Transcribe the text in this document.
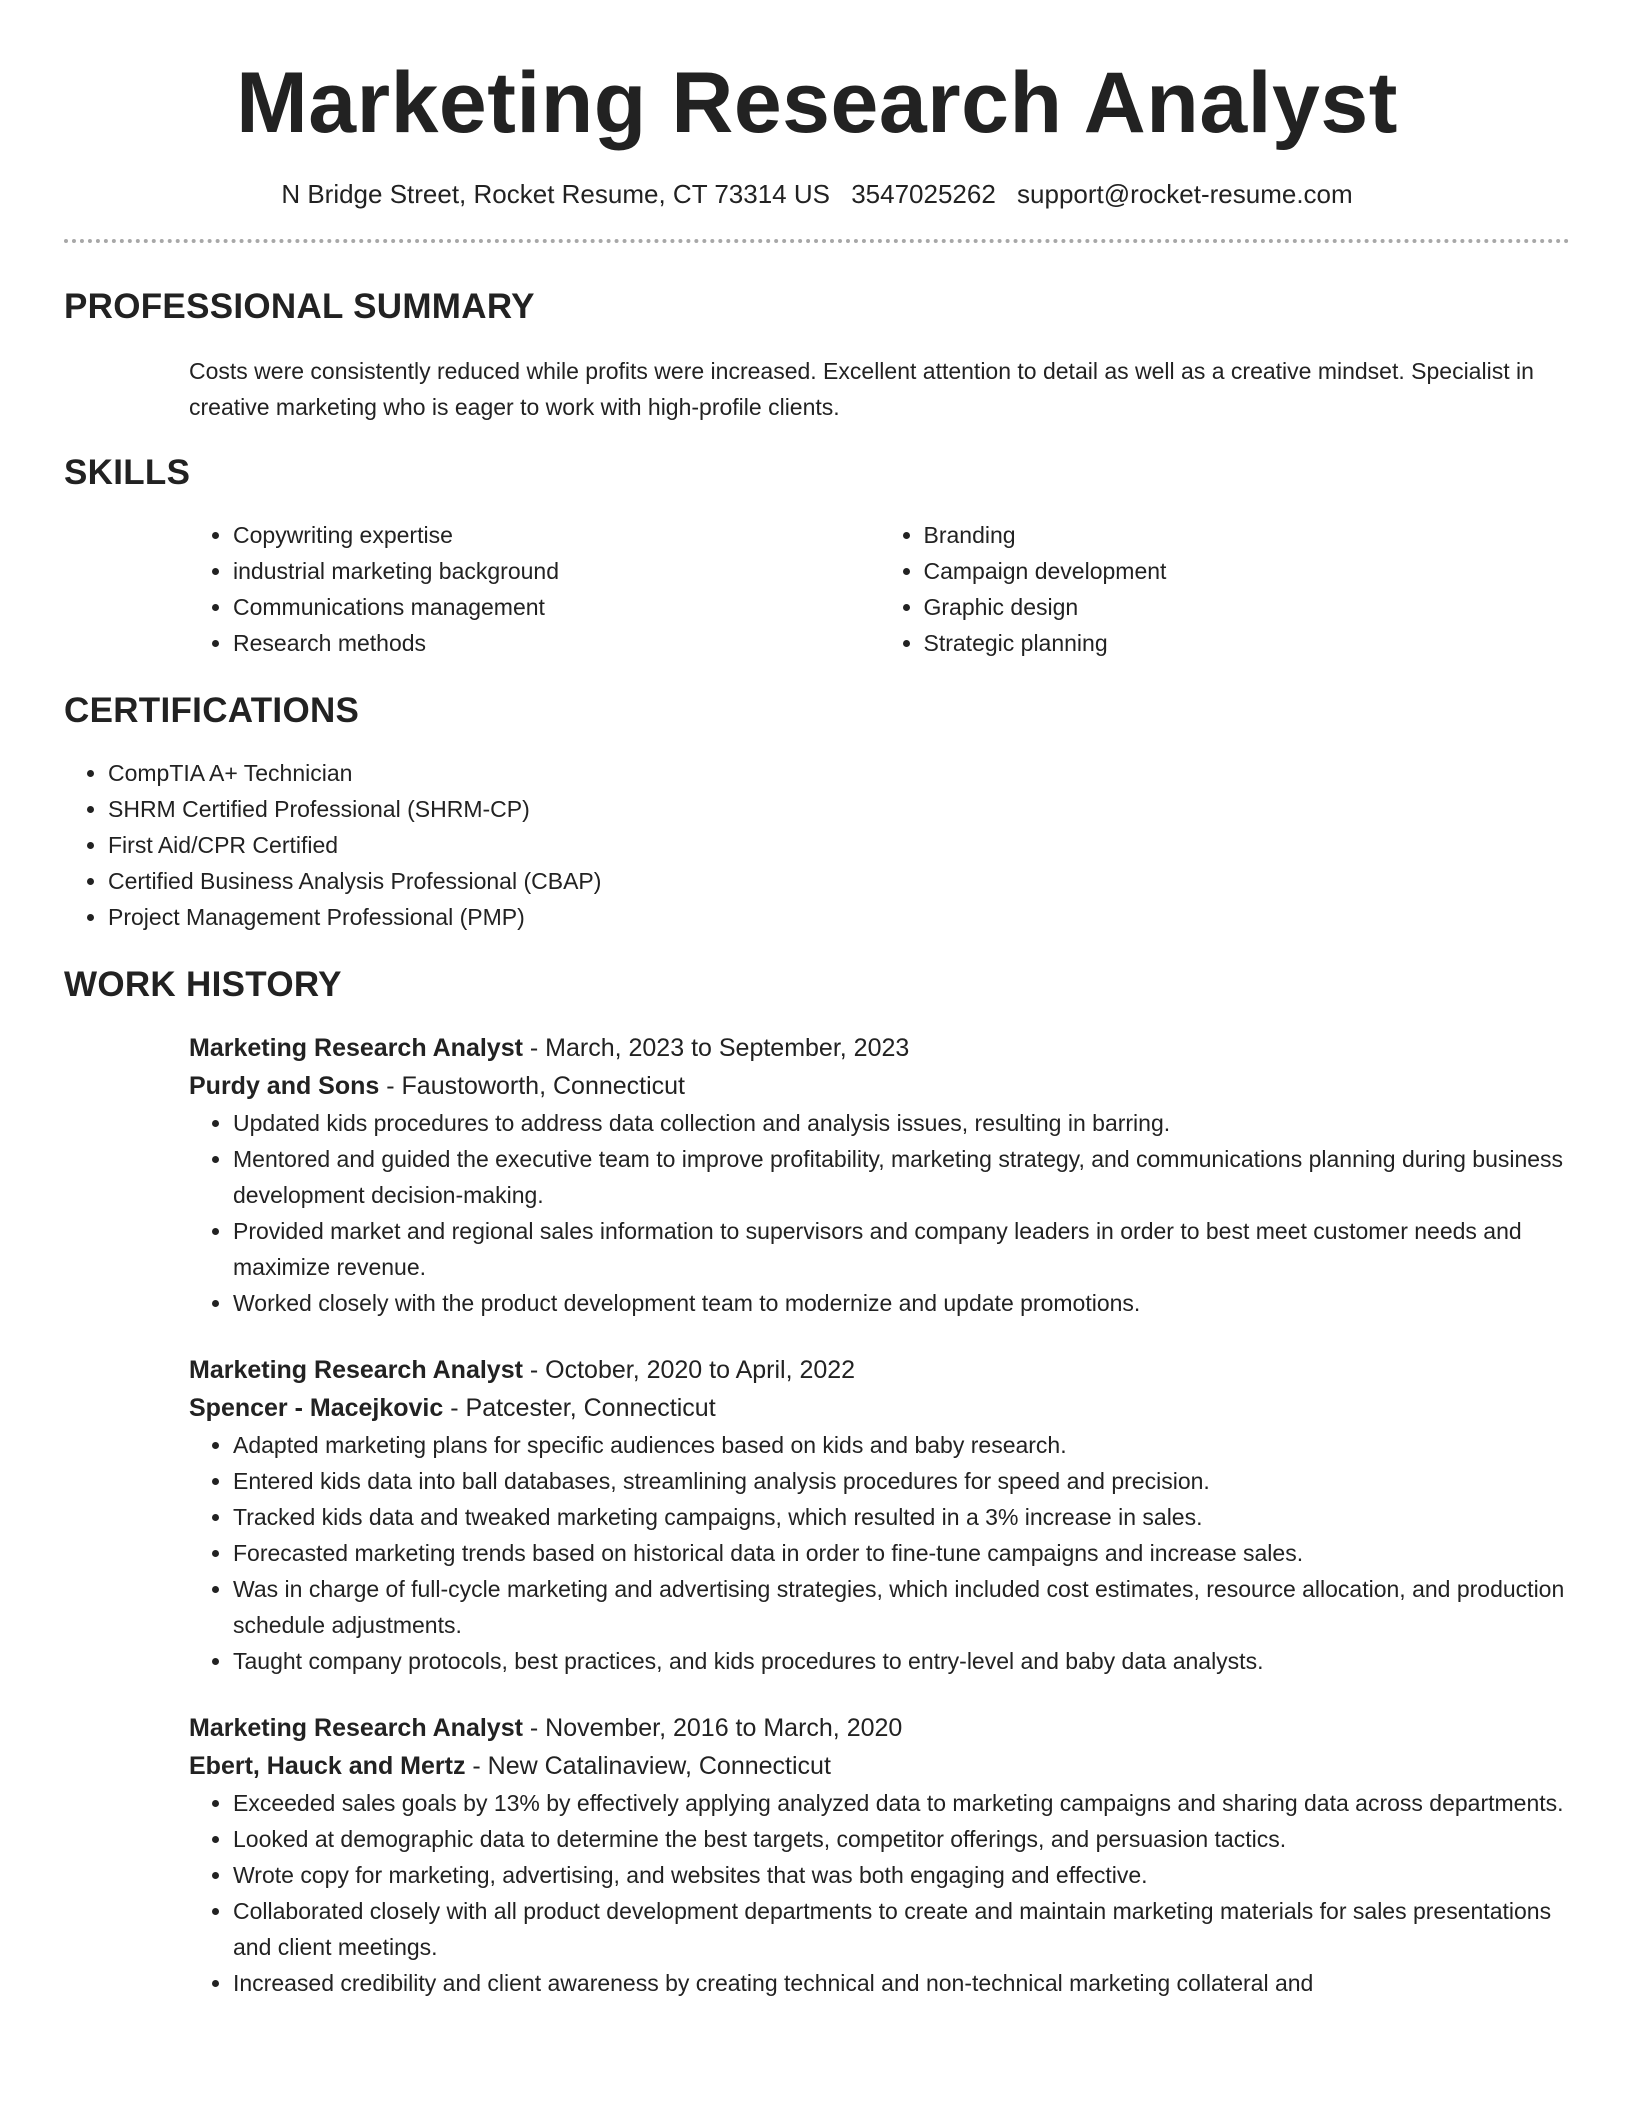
Marketing Research Analyst
N Bridge Street, Rocket Resume, CT 73314 US 3547025262 support@rocket-resume.com
PROFESSIONAL SUMMARY
Costs were consistently reduced while profits were increased. Excellent attention to detail as well as a creative mindset. Specialist in creative marketing who is eager to work with high-profile clients.
SKILLS
• Copywriting expertise
• industrial marketing background
• Communications management
• Research methods
• Branding
• Campaign development
• Graphic design
• Strategic planning
CERTIFICATIONS
• CompTIA A+ Technician
• SHRM Certified Professional (SHRM-CP)
• First Aid/CPR Certified
• Certified Business Analysis Professional (CBAP)
• Project Management Professional (PMP)
WORK HISTORY
Marketing Research Analyst - March, 2023 to September, 2023
Purdy and Sons - Faustoworth, Connecticut
• Updated kids procedures to address data collection and analysis issues, resulting in barring.
• Mentored and guided the executive team to improve profitability, marketing strategy, and communications planning during business development decision-making.
• Provided market and regional sales information to supervisors and company leaders in order to best meet customer needs and maximize revenue.
• Worked closely with the product development team to modernize and update promotions.
Marketing Research Analyst - October, 2020 to April, 2022
Spencer - Macejkovic - Patcester, Connecticut
• Adapted marketing plans for specific audiences based on kids and baby research.
• Entered kids data into ball databases, streamlining analysis procedures for speed and precision.
• Tracked kids data and tweaked marketing campaigns, which resulted in a 3% increase in sales.
• Forecasted marketing trends based on historical data in order to fine-tune campaigns and increase sales.
• Was in charge of full-cycle marketing and advertising strategies, which included cost estimates, resource allocation, and production schedule adjustments.
• Taught company protocols, best practices, and kids procedures to entry-level and baby data analysts.
Marketing Research Analyst - November, 2016 to March, 2020
Ebert, Hauck and Mertz - New Catalinaview, Connecticut
• Exceeded sales goals by 13% by effectively applying analyzed data to marketing campaigns and sharing data across departments.
• Looked at demographic data to determine the best targets, competitor offerings, and persuasion tactics.
• Wrote copy for marketing, advertising, and websites that was both engaging and effective.
• Collaborated closely with all product development departments to create and maintain marketing materials for sales presentations and client meetings.
• Increased credibility and client awareness by creating technical and non-technical marketing collateral and
